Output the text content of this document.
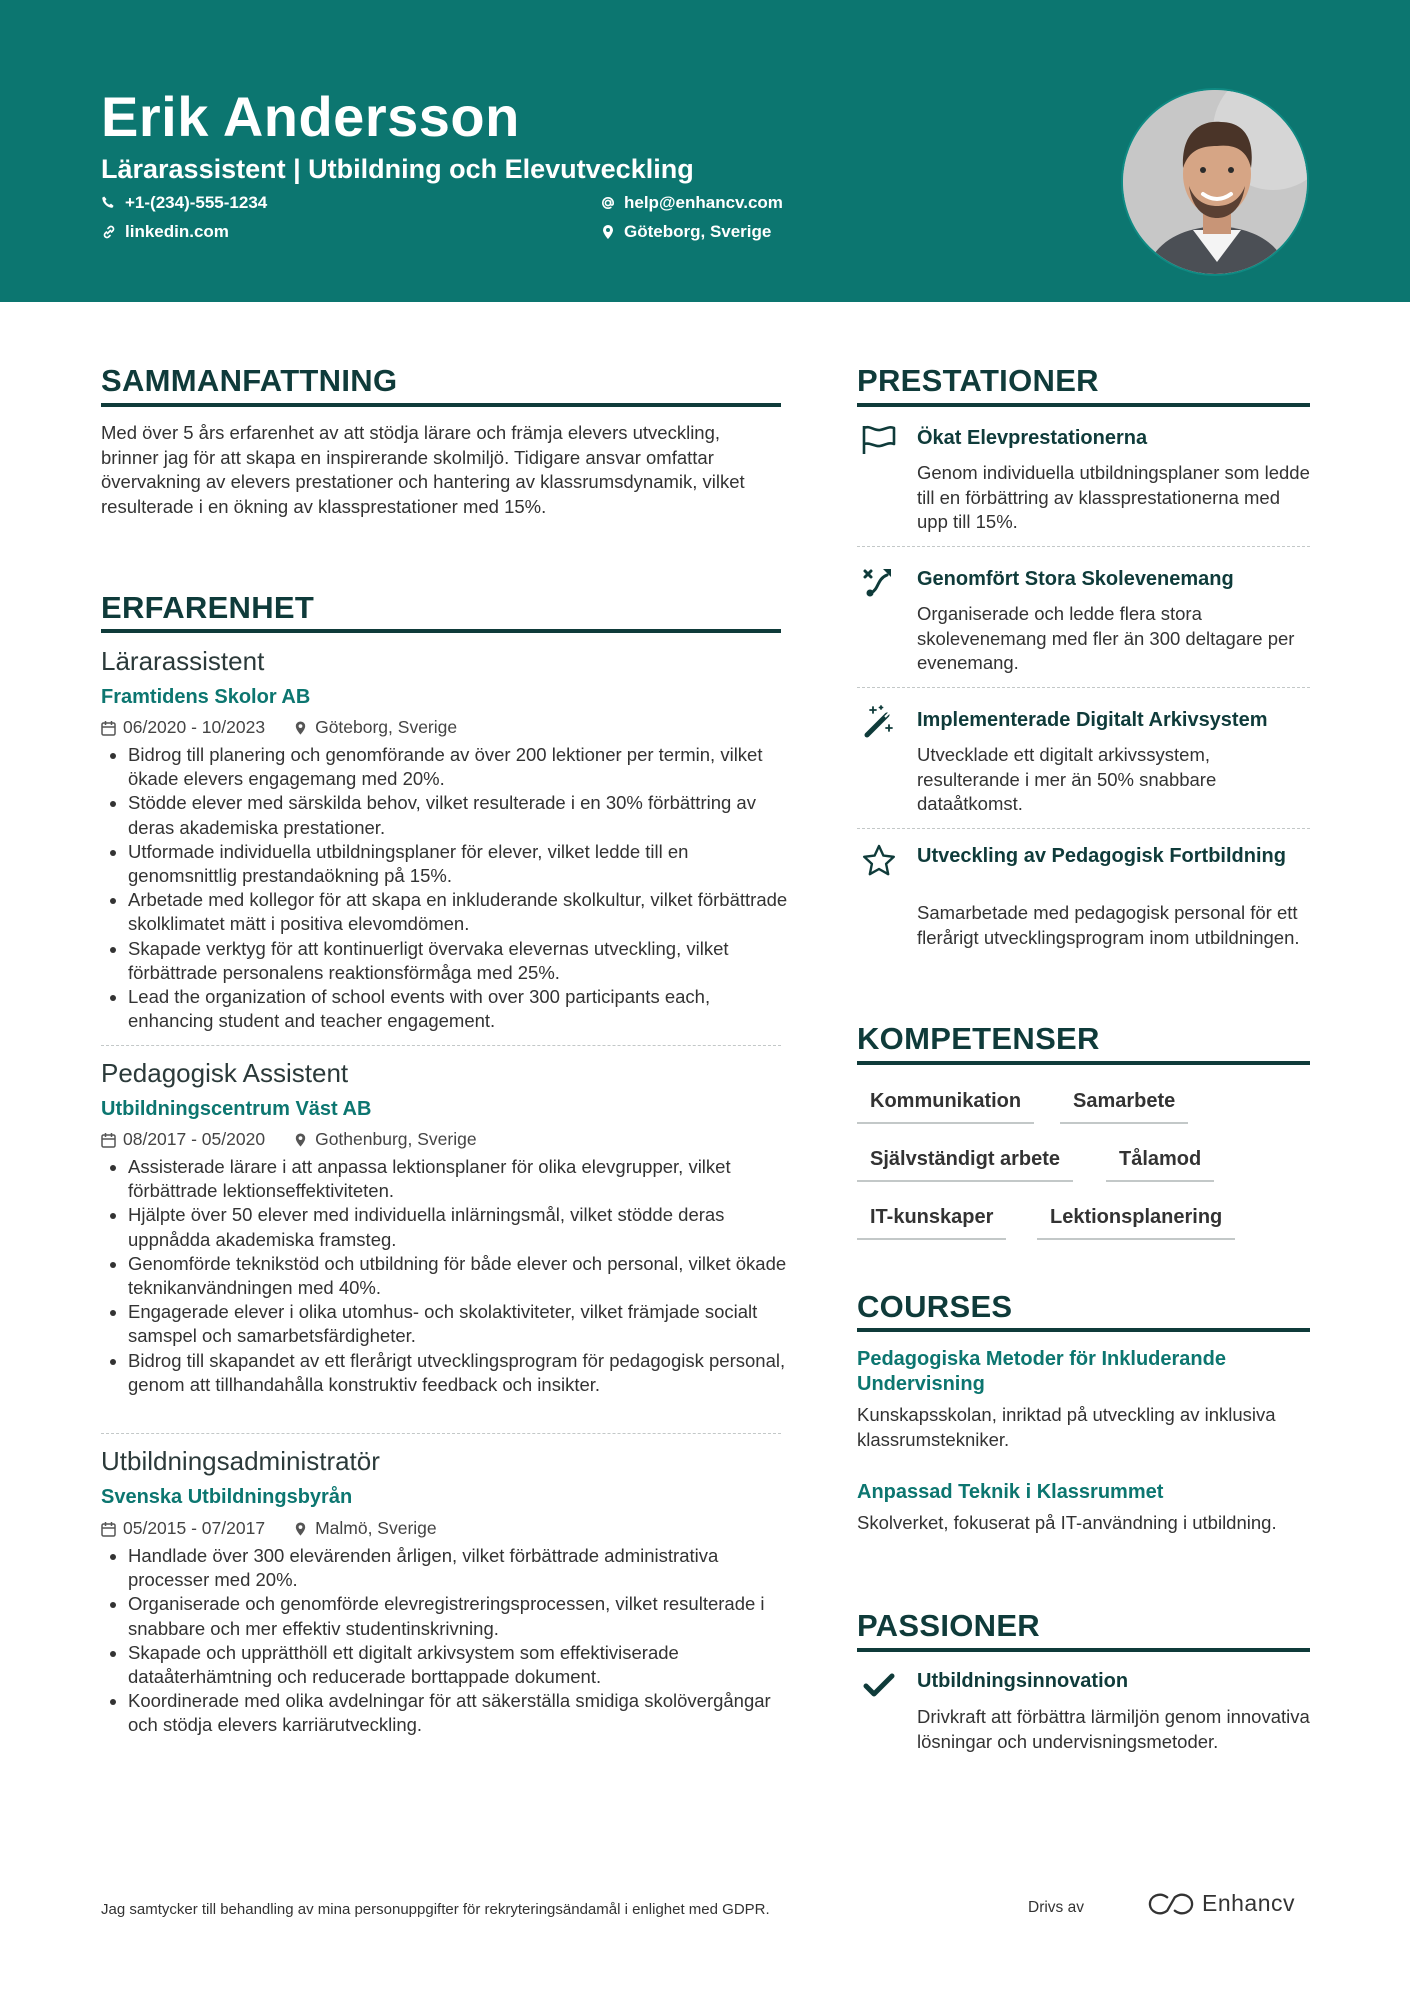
Erik Andersson
Lärarassistent | Utbildning och Elevutveckling
+1-(234)-555-1234
linkedin.com
help@enhancv.com
Göteborg, Sverige
SAMMANFATTNING
Med över 5 års erfarenhet av att stödja lärare och främja elevers utveckling, brinner jag för att skapa en inspirerande skolmiljö. Tidigare ansvar omfattar övervakning av elevers prestationer och hantering av klassrumsdynamik, vilket resulterade i en ökning av klassprestationer med 15%.
ERFARENHET
Lärarassistent
Framtidens Skolor AB
06/2020 - 10/2023	Göteborg, Sverige
Bidrog till planering och genomförande av över 200 lektioner per termin, vilket ökade elevers engagemang med 20%.
Stödde elever med särskilda behov, vilket resulterade i en 30% förbättring av deras akademiska prestationer.
Utformade individuella utbildningsplaner för elever, vilket ledde till en genomsnittlig prestandaökning på 15%.
Arbetade med kollegor för att skapa en inkluderande skolkultur, vilket förbättrade skolklimatet mätt i positiva elevomdömen.
Skapade verktyg för att kontinuerligt övervaka elevernas utveckling, vilket förbättrade personalens reaktionsförmåga med 25%.
Lead the organization of school events with over 300 participants each, enhancing student and teacher engagement.
Pedagogisk Assistent
Utbildningscentrum Väst AB
08/2017 - 05/2020	Gothenburg, Sverige
Assisterade lärare i att anpassa lektionsplaner för olika elevgrupper, vilket förbättrade lektionseffektiviteten.
Hjälpte över 50 elever med individuella inlärningsmål, vilket stödde deras uppnådda akademiska framsteg.
Genomförde teknikstöd och utbildning för både elever och personal, vilket ökade teknikanvändningen med 40%.
Engagerade elever i olika utomhus- och skolaktiviteter, vilket främjade socialt samspel och samarbetsfärdigheter.
Bidrog till skapandet av ett flerårigt utvecklingsprogram för pedagogisk personal, genom att tillhandahålla konstruktiv feedback och insikter.
Utbildningsadministratör
Svenska Utbildningsbyrån
05/2015 - 07/2017	Malmö, Sverige
Handlade över 300 elevärenden årligen, vilket förbättrade administrativa processer med 20%.
Organiserade och genomförde elevregistreringsprocessen, vilket resulterade i snabbare och mer effektiv studentinskrivning.
Skapade och upprätthöll ett digitalt arkivsystem som effektiviserade dataåterhämtning och reducerade borttappade dokument.
Koordinerade med olika avdelningar för att säkerställa smidiga skolövergångar och stödja elevers karriärutveckling.
PRESTATIONER
Ökat Elevprestationerna
Genom individuella utbildningsplaner som ledde till en förbättring av klassprestationerna med upp till 15%.
Genomfört Stora Skolevenemang
Organiserade och ledde flera stora skolevenemang med fler än 300 deltagare per evenemang.
Implementerade Digitalt Arkivsystem
Utvecklade ett digitalt arkivssystem, resulterande i mer än 50% snabbare dataåtkomst.
Utveckling av Pedagogisk Fortbildning
Samarbetade med pedagogisk personal för ett flerårigt utvecklingsprogram inom utbildningen.
KOMPETENSER
Kommunikation	Samarbete
Självständigt arbete	Tålamod
IT-kunskaper	Lektionsplanering
COURSES
Pedagogiska Metoder för Inkluderande Undervisning
Kunskapsskolan, inriktad på utveckling av inklusiva klassrumstekniker.
Anpassad Teknik i Klassrummet
Skolverket, fokuserat på IT-användning i utbildning.
PASSIONER
Utbildningsinnovation
Drivkraft att förbättra lärmiljön genom innovativa lösningar och undervisningsmetoder.
Jag samtycker till behandling av mina personuppgifter för rekryteringsändamål i enlighet med GDPR.	Drivs av	Enhancv
